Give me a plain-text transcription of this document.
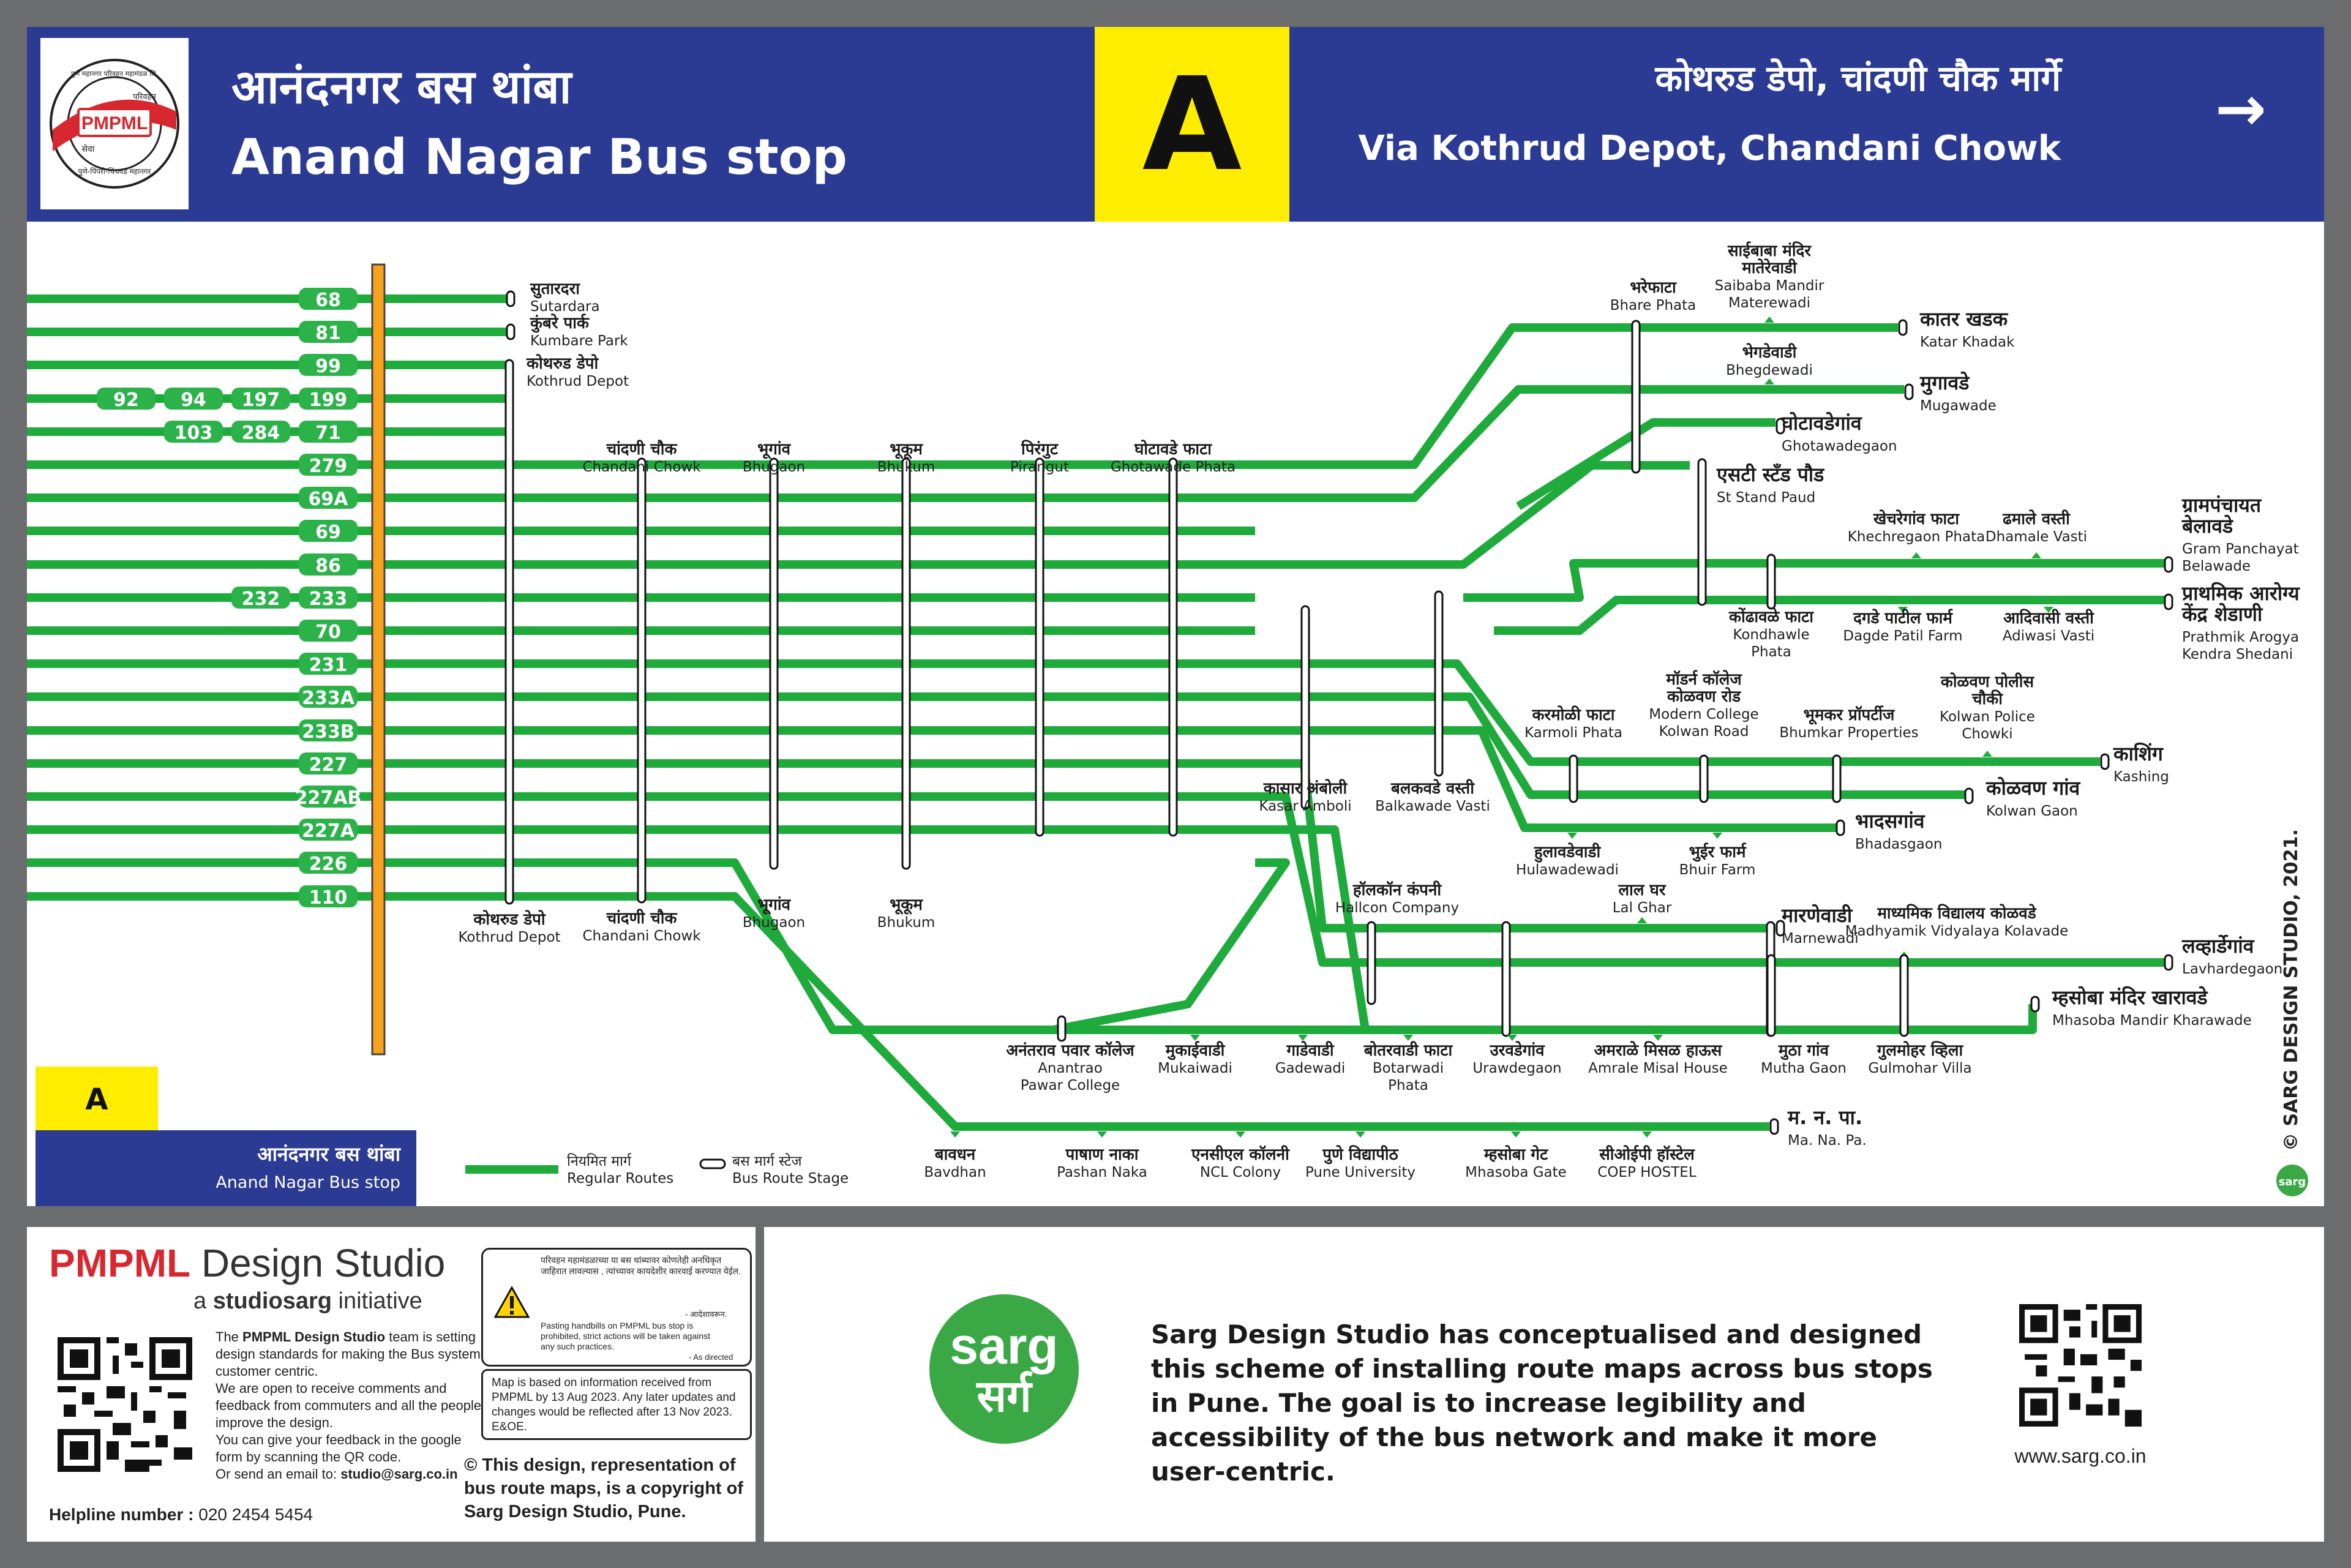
PMPML
पुणे महानगर परिवहन महामंडळ लि.
परिवहन
सेवा
पुणे-पिंपरी-चिंचवड महानगर
आनंदनगर बस थांबा
Anand Nagar Bus stop	A	कोथरुड डेपो, चांदणी चौक मार्गे
Via Kothrud Depot, Chandani Chowk
→
68
81
99
199
71
279
69A
69
86
233
70
231
233A
233B
227
227AB
227A
226
110
92 94 197
103 284
232
सुतारदरा
Sutardara
कुंबरे पार्क
Kumbare Park
कोथरुड डेपो
Kothrud Depot
कोथरुड डेपो
Kothrud Depot
चांदणी चौक
Chandani Chowk
चांदणी चौक
Chandani Chowk
भूगांव
Bhugaon
भूगांव
Bhugaon
भूकूम
Bhukum
भूकूम
Bhukum
पिरंगुट
Pirangut
घोटावडे फाटा
Ghotawade Phata
कातर खडक
Katar Khadak
साईबाबा मंदिर
मातेरेवाडी
Saibaba Mandir
Materewadi
भरेफाटा
Bhare Phata
मुगावडे
Mugawade
भेगडेवाडी
Bhegdewadi
घोटावडेगांव
Ghotawadegaon
एसटी स्टँड पौड
St Stand Paud
कोंढावळे फाटा
Kondhawle
Phata
ग्रामपंचायत
बेलावडे
Gram Panchayat
Belawade
प्राथमिक आरोग्य
केंद्र शेडाणी
Prathmik Arogya
Kendra Shedani
खेचरेगांव फाटा
Khechregaon Phata
ढमाले वस्ती
Dhamale Vasti
दगडे पाटील फार्म
Dagde Patil Farm
आदिवासी वस्ती
Adiwasi Vasti
कासार अंबोली
Kasar Amboli
बलकवडे वस्ती
Balkawade Vasti
काशिंग
Kashing
कोळवण गांव
Kolwan Gaon
भादसगांव
Bhadasgaon
करमोळी फाटा
Karmoli Phata
मॉडर्न कॉलेज
कोळवण रोड
Modern College
Kolwan Road
भूमकर प्रॉपर्टीज
Bhumkar Properties
कोळवण पोलीस
चौकी
Kolwan Police
Chowki
हुलावडेवाडी
Hulawadewadi
भुईर फार्म
Bhuir Farm
मारणेवाडी
Marnewadi	लव्हार्डेगांव
Lavhardegaon
म्हसोबा मंदिर खारावडे
Mhasoba Mandir Kharawade
हॉलकॉन कंपनी
Hallcon Company
लाल घर
Lal Ghar	माध्यमिक विद्यालय कोळवडे
Madhyamik Vidyalaya Kolavade
अनंतराव पवार कॉलेज
Anantrao
Pawar College
मुकाईवाडी
Mukaiwadi
गाडेवाडी
Gadewadi
बोतरवाडी फाटा
Botarwadi
Phata
उरवडेगांव
Urawdegaon
अमराळे मिसळ हाऊस
Amrale Misal House
मुठा गांव
Mutha Gaon
गुलमोहर व्हिला
Gulmohar Villa
म. न. पा.
Ma. Na. Pa.
बावधन
Bavdhan
पाषाण नाका
Pashan Naka
एनसीएल कॉलनी
NCL Colony
पुणे विद्यापीठ
Pune University
म्हसोबा गेट
Mhasoba Gate
सीओईपी हॉस्टेल
COEP HOSTEL
A
आनंदनगर बस थांबा
Anand Nagar Bus stop
नियमित मार्ग
Regular Routes
बस मार्ग स्टेज
Bus Route Stage
© SARG DESIGN STUDIO, 2021.
sarg
PMPML Design Studio
a studiosarg initiative
The PMPML Design Studio team is setting design standards for making the Bus system customer centric.
We are open to receive comments and feedback from commuters and all the people improve the design.
You can give your feedback in the google form by scanning the QR code.
Or send an email to: studio@sarg.co.in
Helpline number : 020 2454 5454
परिवहन महामंडळाच्या या बस थांब्यावर कोणतेही अनधिकृत जाहिरात लावल्यास , त्यांच्यावर कायदेशीर कारवाई करण्यात येईल.
- आदेशावरून.
Pasting handbills on PMPML bus stop is prohibited, strict actions will be taken against any such practices.
- As directed
Map is based on information received from PMPML by 13 Aug 2023. Any later updates and changes would be reflected after 13 Nov 2023. E&OE.
© This design, representation of bus route maps, is a copyright of Sarg Design Studio, Pune.
sarg
सर्ग
Sarg Design Studio has conceptualised and designed this scheme of installing route maps across bus stops in Pune. The goal is to increase legibility and accessibility of the bus network and make it more user-centric.
www.sarg.co.in
